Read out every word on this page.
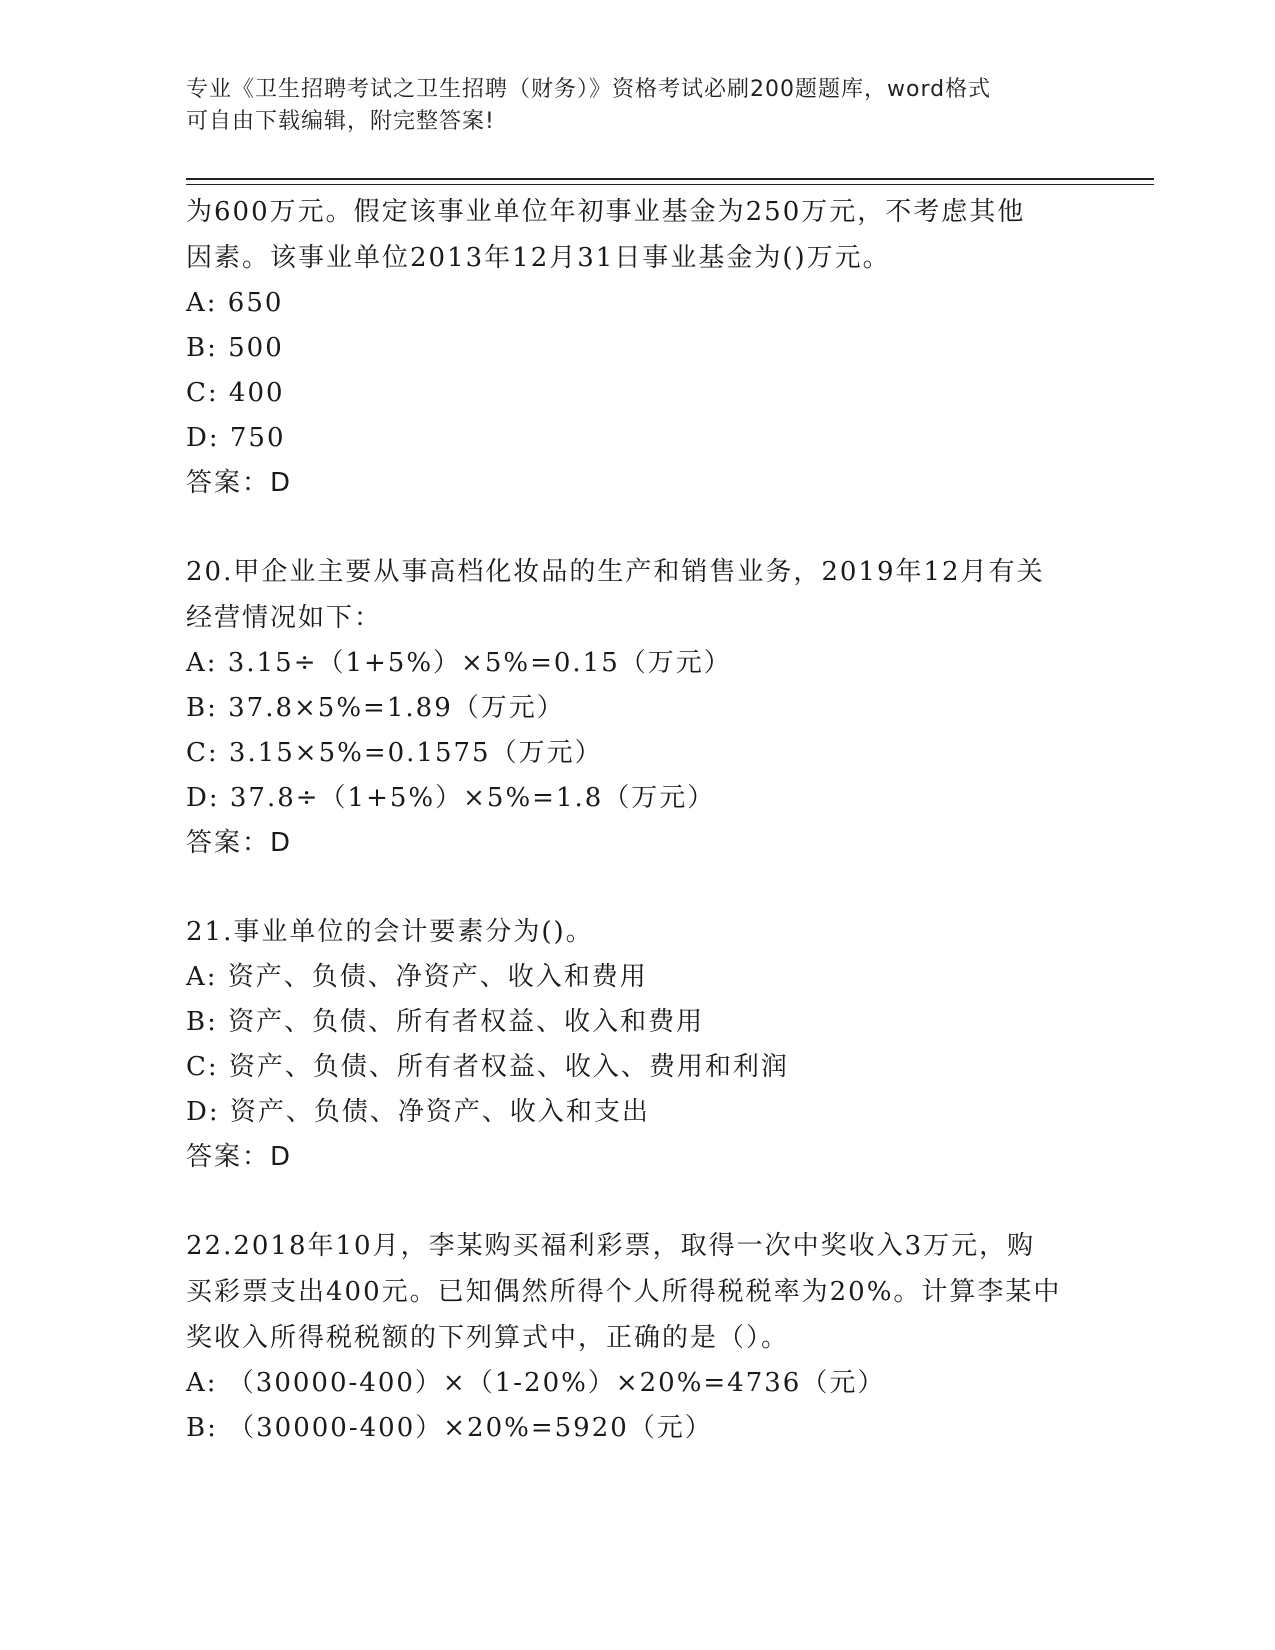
专业《卫生招聘考试之卫生招聘（财务）》资格考试必刷200题题库，word格式
可自由下载编辑，附完整答案!
为600万元。假定该事业单位年初事业基金为250万元，不考虑其他
因素。该事业单位2013年12月31日事业基金为()万元。
A: 650
B: 500
C: 400
D: 750
答案：D
20.甲企业主要从事高档化妆品的生产和销售业务，2019年12月有关
经营情况如下：
A: 3.15÷（1+5%）×5%=0.15（万元）
B: 37.8×5%=1.89（万元）
C: 3.15×5%=0.1575（万元）
D: 37.8÷（1+5%）×5%=1.8（万元）
答案：D
21.事业单位的会计要素分为()。
A: 资产、负债、净资产、收入和费用
B: 资产、负债、所有者权益、收入和费用
C: 资产、负债、所有者权益、收入、费用和利润
D: 资产、负债、净资产、收入和支出
答案：D
22.2018年10月，李某购买福利彩票，取得一次中奖收入3万元，购
买彩票支出400元。已知偶然所得个人所得税税率为20%。计算李某中
奖收入所得税税额的下列算式中，正确的是（）。
A: （30000-400）×（1-20%）×20%=4736（元）
B: （30000-400）×20%=5920（元）
